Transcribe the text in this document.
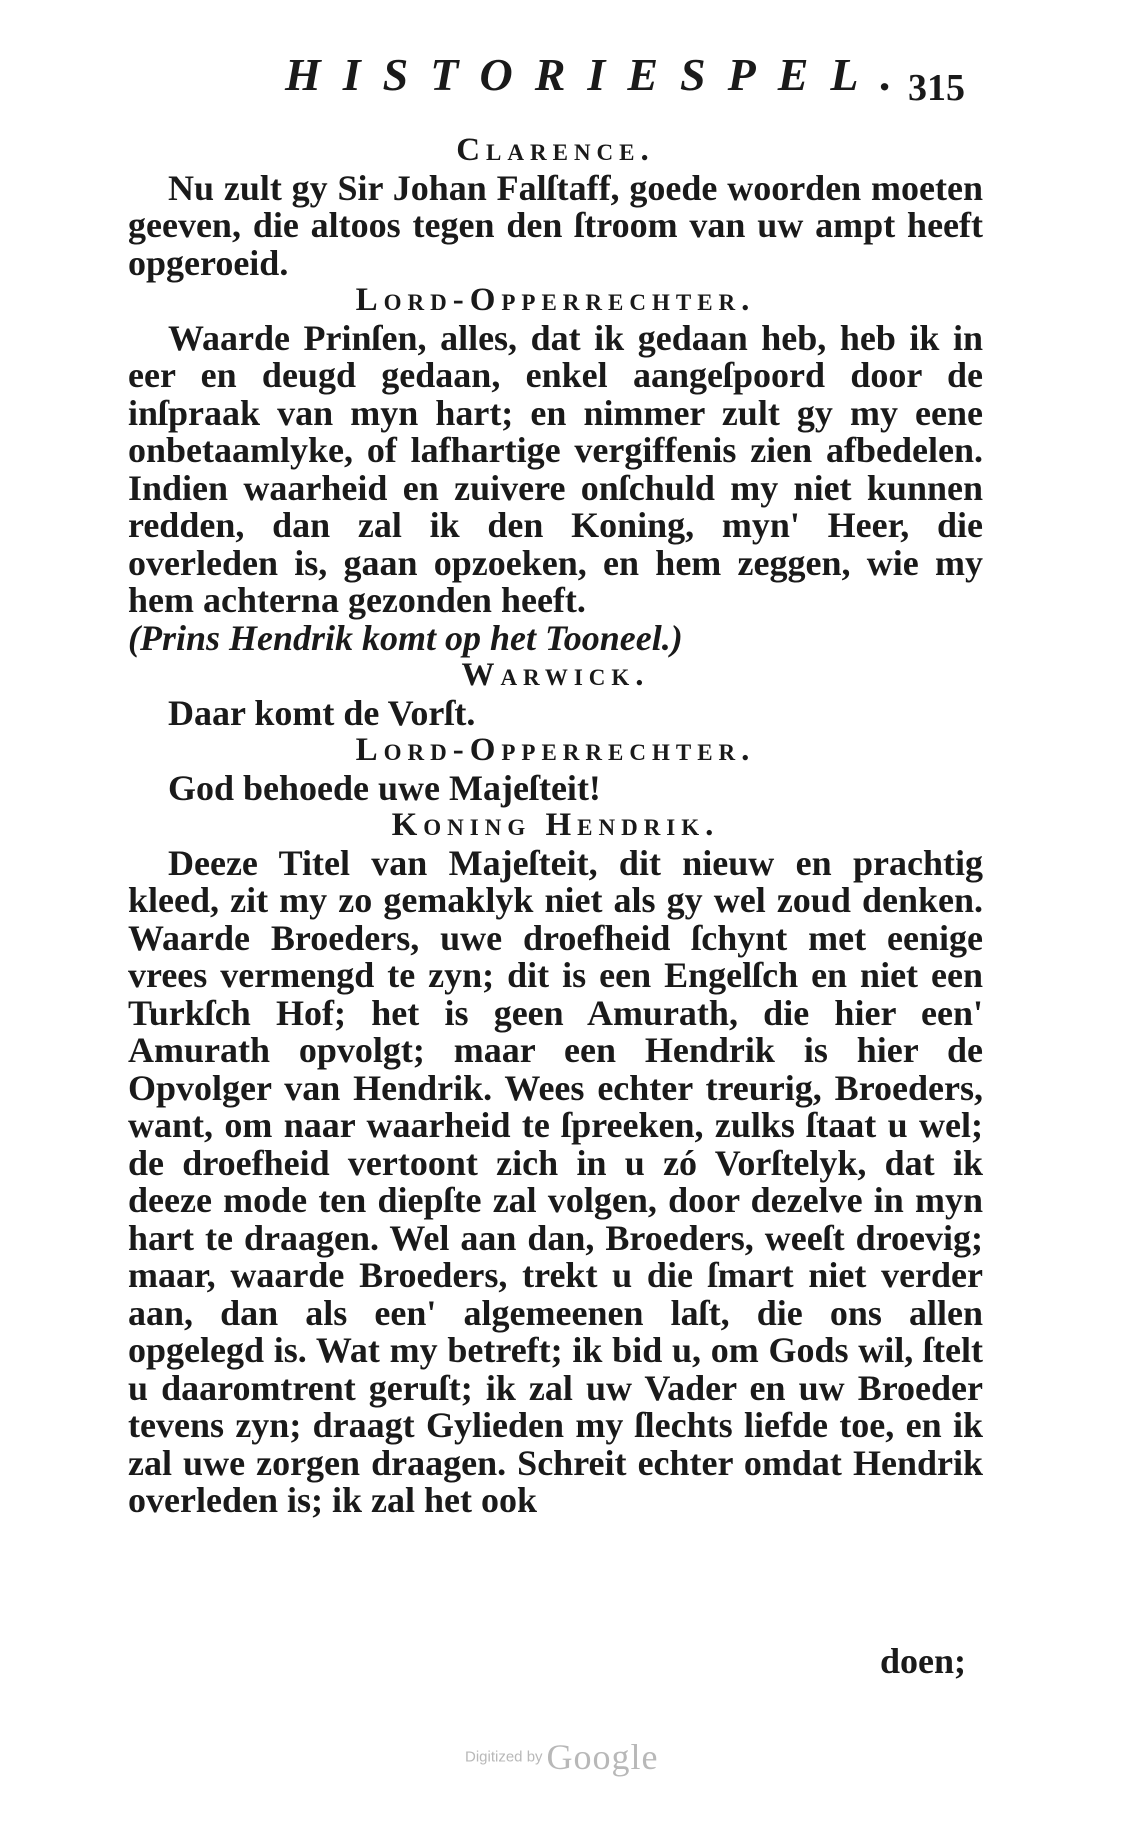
HISTORIESPEL.
315
Clarence.
Nu zult gy Sir Johan Falſtaff, goede woorden moeten geeven, die altoos tegen den ſtroom van uw ampt heeft opgeroeid.
Lord-Opperrechter.
Waarde Prinſen, alles, dat ik gedaan heb, heb ik in eer en deugd gedaan, enkel aangeſpoord door de inſpraak van myn hart; en nimmer zult gy my eene onbetaamlyke, of lafhartige vergiffenis zien afbedelen. Indien waarheid en zuivere onſchuld my niet kunnen redden, dan zal ik den Koning, myn' Heer, die overleden is, gaan opzoeken, en hem zeggen, wie my hem achterna gezonden heeft.
(Prins Hendrik komt op het Tooneel.)
Warwick.
Daar komt de Vorſt.
Lord-Opperrechter.
God behoede uwe Majeſteit!
Koning Hendrik.
Deeze Titel van Majeſteit, dit nieuw en prachtig kleed, zit my zo gemaklyk niet als gy wel zoud denken. Waarde Broeders, uwe droefheid ſchynt met eenige vrees vermengd te zyn; dit is een Engelſch en niet een Turkſch Hof; het is geen Amurath, die hier een' Amurath opvolgt; maar een Hendrik is hier de Opvolger van Hendrik. Wees echter treurig, Broeders, want, om naar waarheid te ſpreeken, zulks ſtaat u wel; de droefheid vertoont zich in u zó Vorſtelyk, dat ik deeze mode ten diepſte zal volgen, door dezelve in myn hart te draagen. Wel aan dan, Broeders, weeſt droevig; maar, waarde Broeders, trekt u die ſmart niet verder aan, dan als een' algemeenen laſt, die ons allen opgelegd is. Wat my betreft; ik bid u, om Gods wil, ſtelt u daaromtrent geruſt; ik zal uw Vader en uw Broeder tevens zyn; draagt Gylieden my ſlechts liefde toe, en ik zal uwe zorgen draagen. Schreit echter omdat Hendrik overleden is; ik zal het ook
doen;
Digitized by Google
